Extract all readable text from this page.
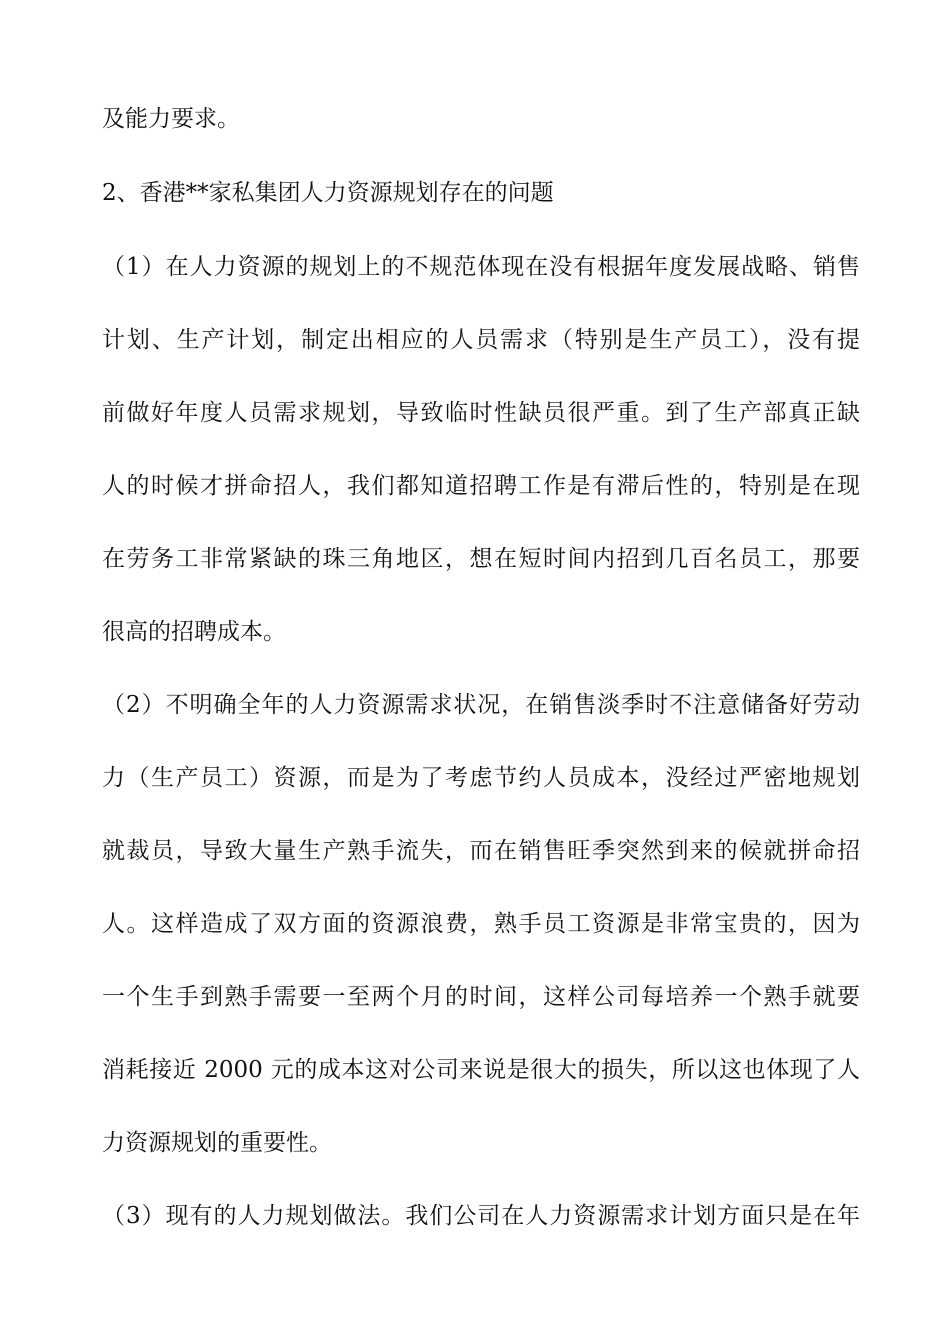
及能力要求。
2、香港**家私集团人力资源规划存在的问题
（1）在人力资源的规划上的不规范体现在没有根据年度发展战略、销售
计划、生产计划，制定出相应的人员需求（特别是生产员工），没有提
前做好年度人员需求规划，导致临时性缺员很严重。到了生产部真正缺
人的时候才拼命招人，我们都知道招聘工作是有滞后性的，特别是在现
在劳务工非常紧缺的珠三角地区，想在短时间内招到几百名员工，那要
很高的招聘成本。
（2）不明确全年的人力资源需求状况，在销售淡季时不注意储备好劳动
力（生产员工）资源，而是为了考虑节约人员成本，没经过严密地规划
就裁员，导致大量生产熟手流失，而在销售旺季突然到来的候就拼命招
人。这样造成了双方面的资源浪费，熟手员工资源是非常宝贵的，因为
一个生手到熟手需要一至两个月的时间，这样公司每培养一个熟手就要
消耗接近 2000 元的成本这对公司来说是很大的损失，所以这也体现了人
力资源规划的重要性。
（3）现有的人力规划做法。我们公司在人力资源需求计划方面只是在年
